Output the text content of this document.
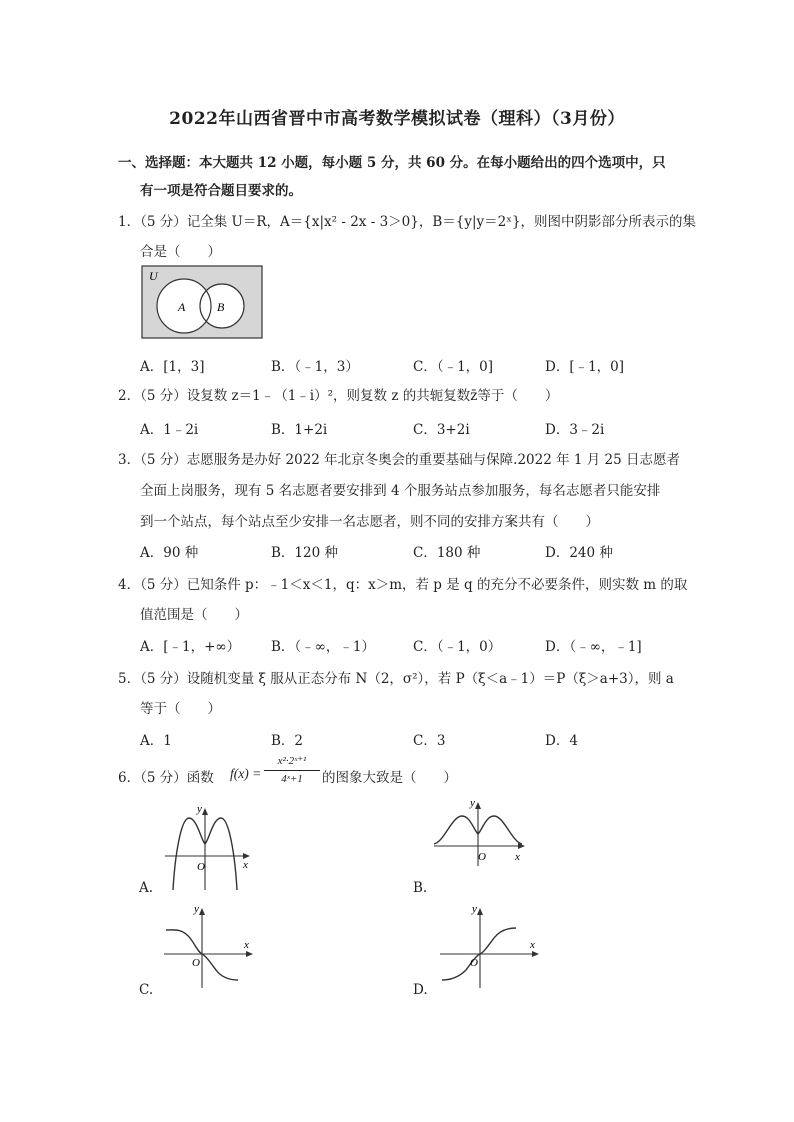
2022年山西省晋中市高考数学模拟试卷（理科）（3月份）
一、选择题：本大题共 12 小题，每小题 5 分，共 60 分。在每小题给出的四个选项中，只
有一项是符合题目要求的。
1．（5 分）记全集 U＝R，A＝{x|x² - 2x - 3＞0}，B＝{y|y＝2ˣ}，则图中阴影部分所表示的集
合是（　　）
U
A	B
A．[1，3]	B．（﹣1，3）	C．（﹣1，0]	D．[﹣1，0]
2．（5 分）设复数 z＝1﹣（1﹣i）²，则复数 z 的共轭复数z̄等于（　　）
A．1﹣2i	B．1+2i	C．3+2i	D．3﹣2i
3．（5 分）志愿服务是办好 2022 年北京冬奥会的重要基础与保障.2022 年 1 月 25 日志愿者
全面上岗服务，现有 5 名志愿者要安排到 4 个服务站点参加服务，每名志愿者只能安排
到一个站点，每个站点至少安排一名志愿者，则不同的安排方案共有（　　）
A．90 种	B．120 种	C．180 种	D．240 种
4．（5 分）已知条件 p：﹣1＜x＜1，q：x＞m，若 p 是 q 的充分不必要条件，则实数 m 的取
值范围是（　　）
A．[﹣1，+∞） B．（﹣∞，﹣1）	C．（﹣1，0）	D．（﹣∞，﹣1]
5．（5 分）设随机变量 ξ 服从正态分布 N（2，σ²），若 P（ξ＜a﹣1）＝P（ξ＞a+3），则 a
等于（　　）
A．1	B．2	C．3	D．4
6．（5 分）函数 f(x) =
x²·2ˣ⁺¹
4ˣ+1	的图象大致是（　　）
y
x
O
A.
y
x
O
B.
y
x
O
C.
y
x
O
D.
